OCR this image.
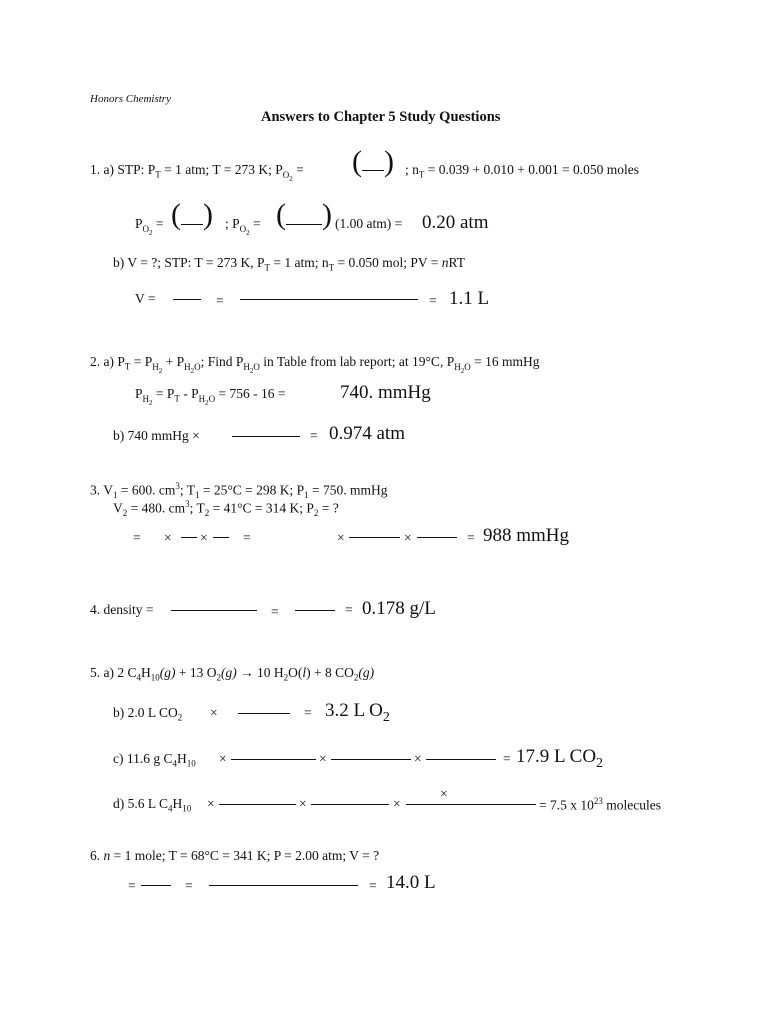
Honors Chemistry
Answers to Chapter 5 Study Questions
1. a) STP: $P_T = 1$ atm; T = 273 K; $P_{O_2}$ = ( ) ; $n_T = 0.039 + 0.010 + 0.001 = 0.050$ moles
$P_{O_2}$ = ( ) ; $P_{O_2}$ = ( ) (1.00 atm) = 0.20 atm
b) V = ?; STP: T = 273 K, $P_T = 1$ atm; $n_T = 0.050$ mol; PV = nRT
V =	=	= 1.1 L
2. a) $P_T = P_{H_2} + P_{H_2O}$; Find $P_{H_2O}$ in Table from lab report; at 19°C, $P_{H_2O} = 16$ mmHg
$P_{H_2} = P_T - P_{H_2O} = 756 - 16$ =	740. mmHg
b) 740 mmHg ×	= 0.974 atm
3. $V_1 = 600$. $cm^3$; $T_1 = 25^\circ C = 298$ K; $P_1 = 750$. mmHg
$V_2 = 480$. $cm^3$; $T_2 = 41^\circ C = 314$ K; $P_2$ = ?
= × ×	=	×	×	= 988 mmHg
4. density =	=	= 0.178 g/L
5. a) 2 $C_4H_{10}(g) + 13$ $O_2(g) \to 10$ $H_2O(l) + 8$ $CO_2(g)$
b) 2.0 L $CO_2$ ×	= 3.2 L $O_2$
c) 11.6 g $C_4H_{10}$ ×	×	×	= 17.9 L $CO_2$
×
d) 5.6 L $C_4H_{10}$ ×	×	×	= 7.5 x $10^{23}$ molecules
6. n = 1 mole; T = 68°C = 341 K; P = 2.00 atm; V = ?
=	=	= 14.0 L
